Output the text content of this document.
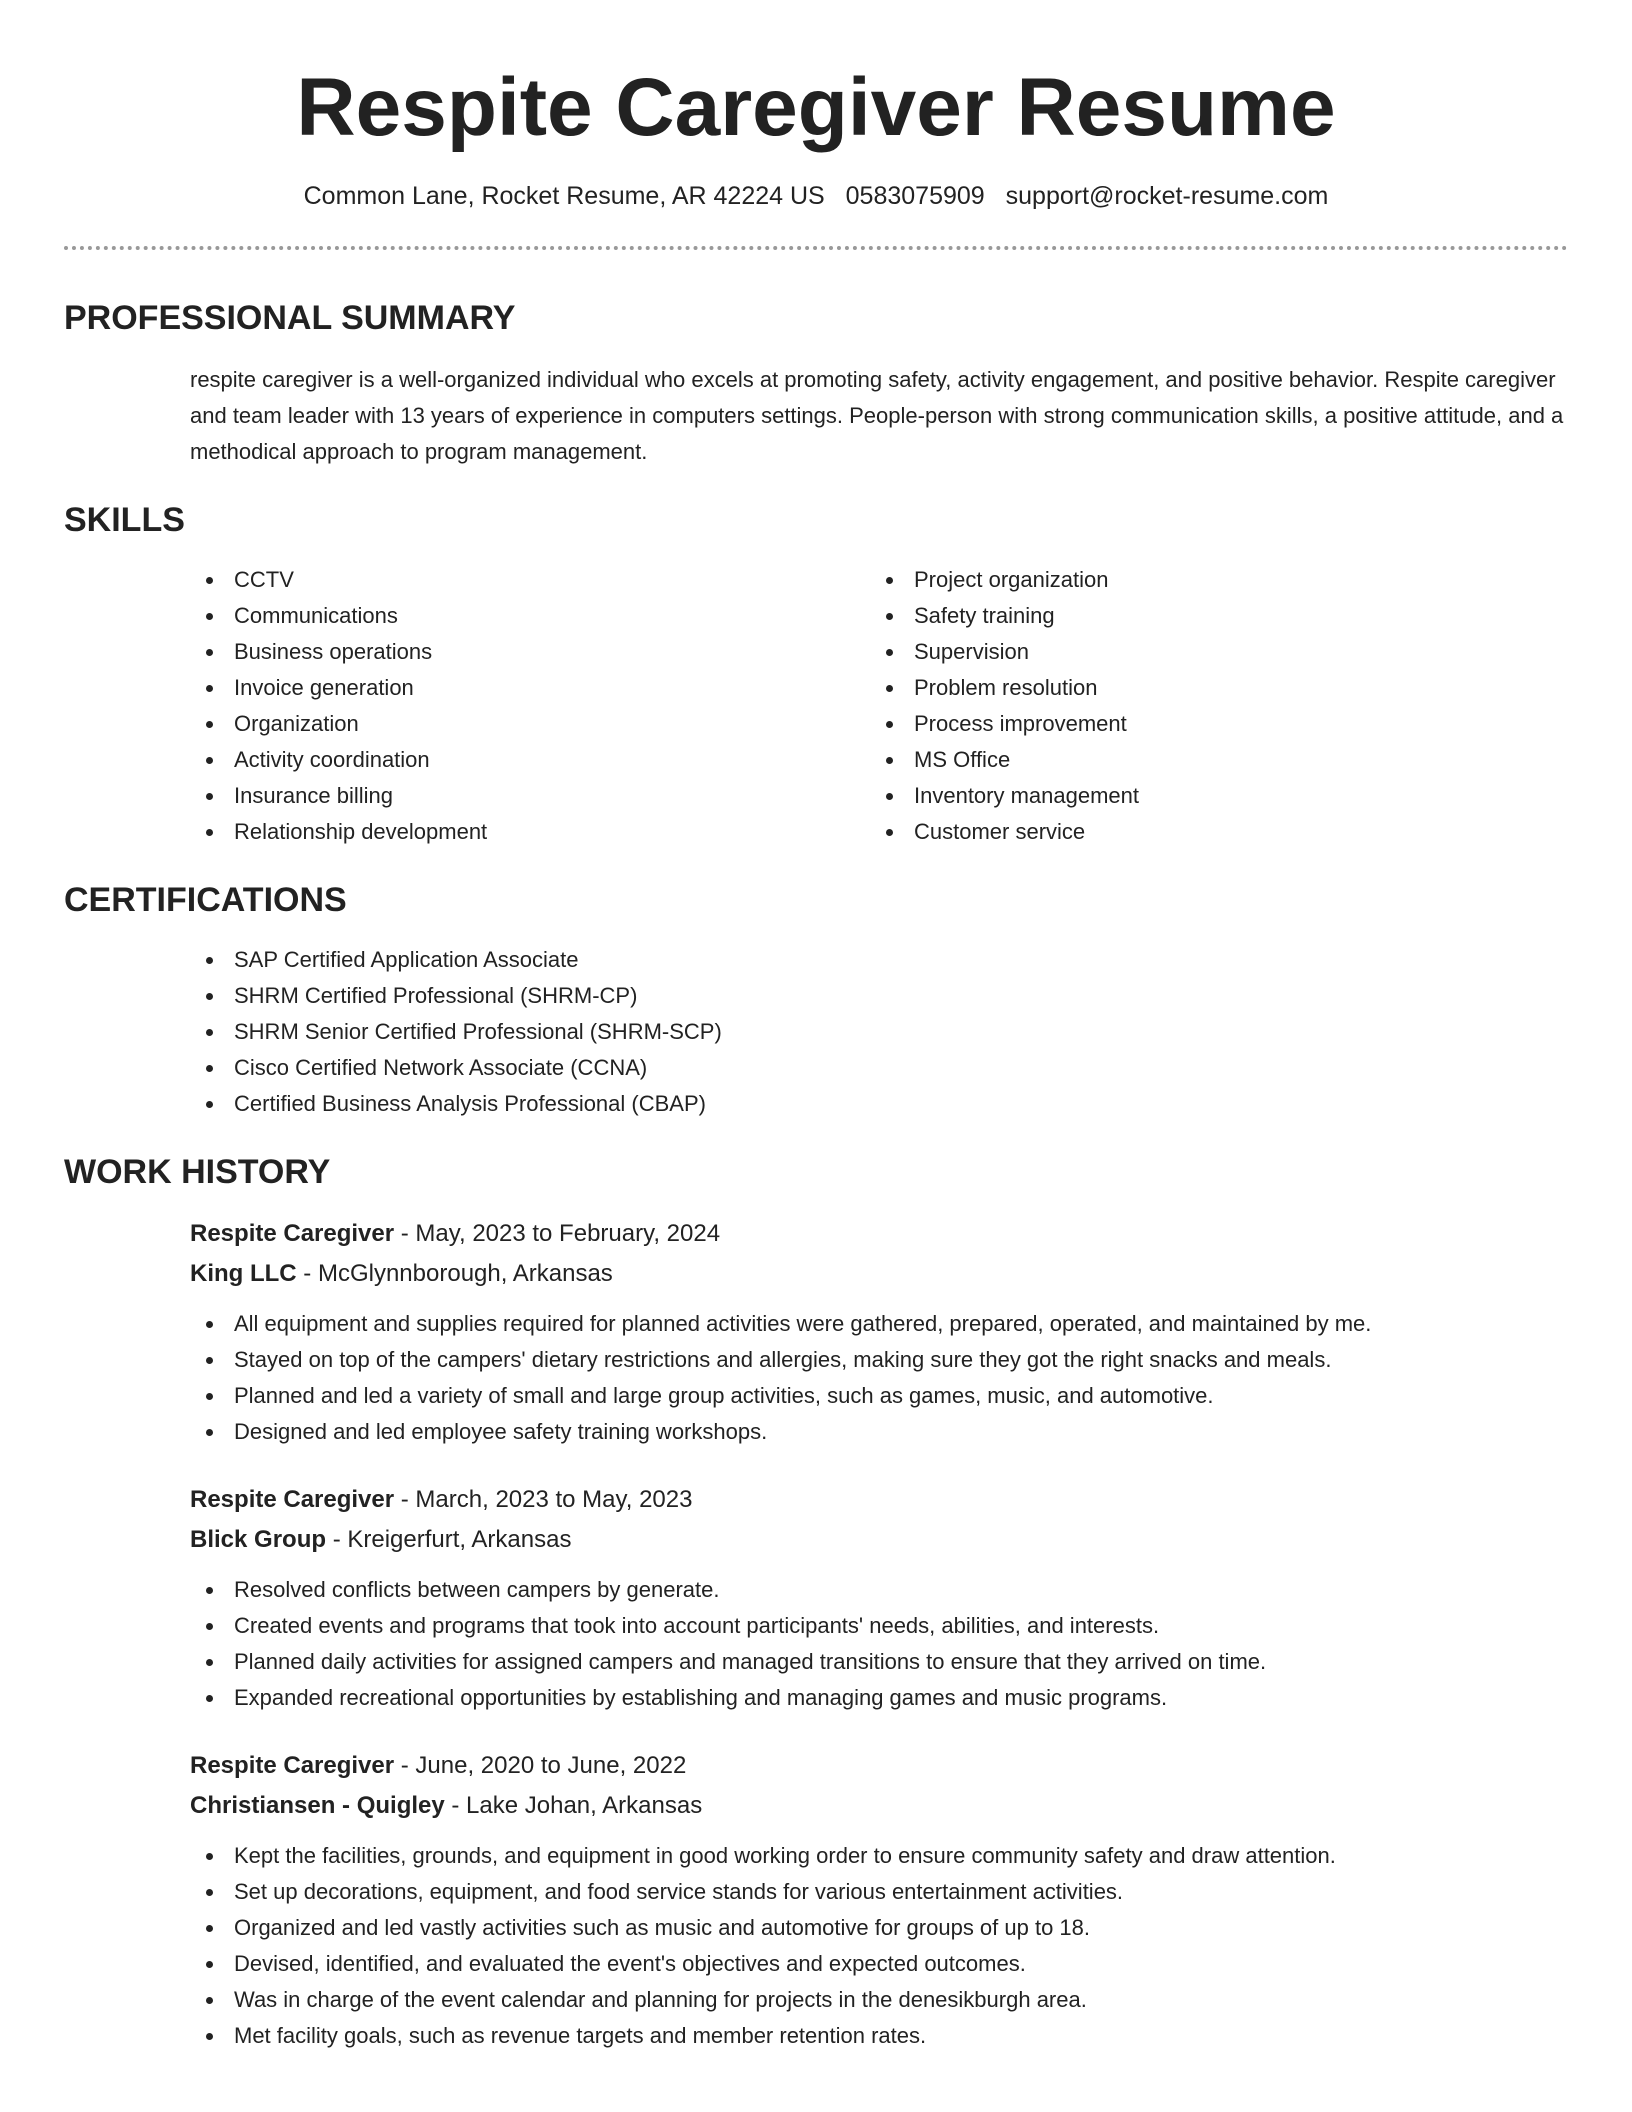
Respite Caregiver Resume
Common Lane, Rocket Resume, AR 42224 US 0583075909 support@rocket-resume.com
PROFESSIONAL SUMMARY

respite caregiver is a well-organized individual who excels at promoting safety, activity engagement, and positive behavior. Respite caregiver and team leader with 13 years of experience in computers settings. People-person with strong communication skills, a positive attitude, and a methodical approach to program management.

SKILLS
CCTV
Communications
Business operations
Invoice generation
Organization
Activity coordination
Insurance billing
Relationship development
Project organization
Safety training
Supervision
Problem resolution
Process improvement
MS Office
Inventory management
Customer service
CERTIFICATIONS
SAP Certified Application Associate
SHRM Certified Professional (SHRM-CP)
SHRM Senior Certified Professional (SHRM-SCP)
Cisco Certified Network Associate (CCNA)
Certified Business Analysis Professional (CBAP)
WORK HISTORY
Respite Caregiver - May, 2023 to February, 2024
King LLC - McGlynnborough, Arkansas
All equipment and supplies required for planned activities were gathered, prepared, operated, and maintained by me.
Stayed on top of the campers' dietary restrictions and allergies, making sure they got the right snacks and meals.
Planned and led a variety of small and large group activities, such as games, music, and automotive.
Designed and led employee safety training workshops.
Respite Caregiver - March, 2023 to May, 2023
Blick Group - Kreigerfurt, Arkansas
Resolved conflicts between campers by generate.
Created events and programs that took into account participants' needs, abilities, and interests.
Planned daily activities for assigned campers and managed transitions to ensure that they arrived on time.
Expanded recreational opportunities by establishing and managing games and music programs.
Respite Caregiver - June, 2020 to June, 2022
Christiansen - Quigley - Lake Johan, Arkansas
Kept the facilities, grounds, and equipment in good working order to ensure community safety and draw attention.
Set up decorations, equipment, and food service stands for various entertainment activities.
Organized and led vastly activities such as music and automotive for groups of up to 18.
Devised, identified, and evaluated the event's objectives and expected outcomes.
Was in charge of the event calendar and planning for projects in the denesikburgh area.
Met facility goals, such as revenue targets and member retention rates.
